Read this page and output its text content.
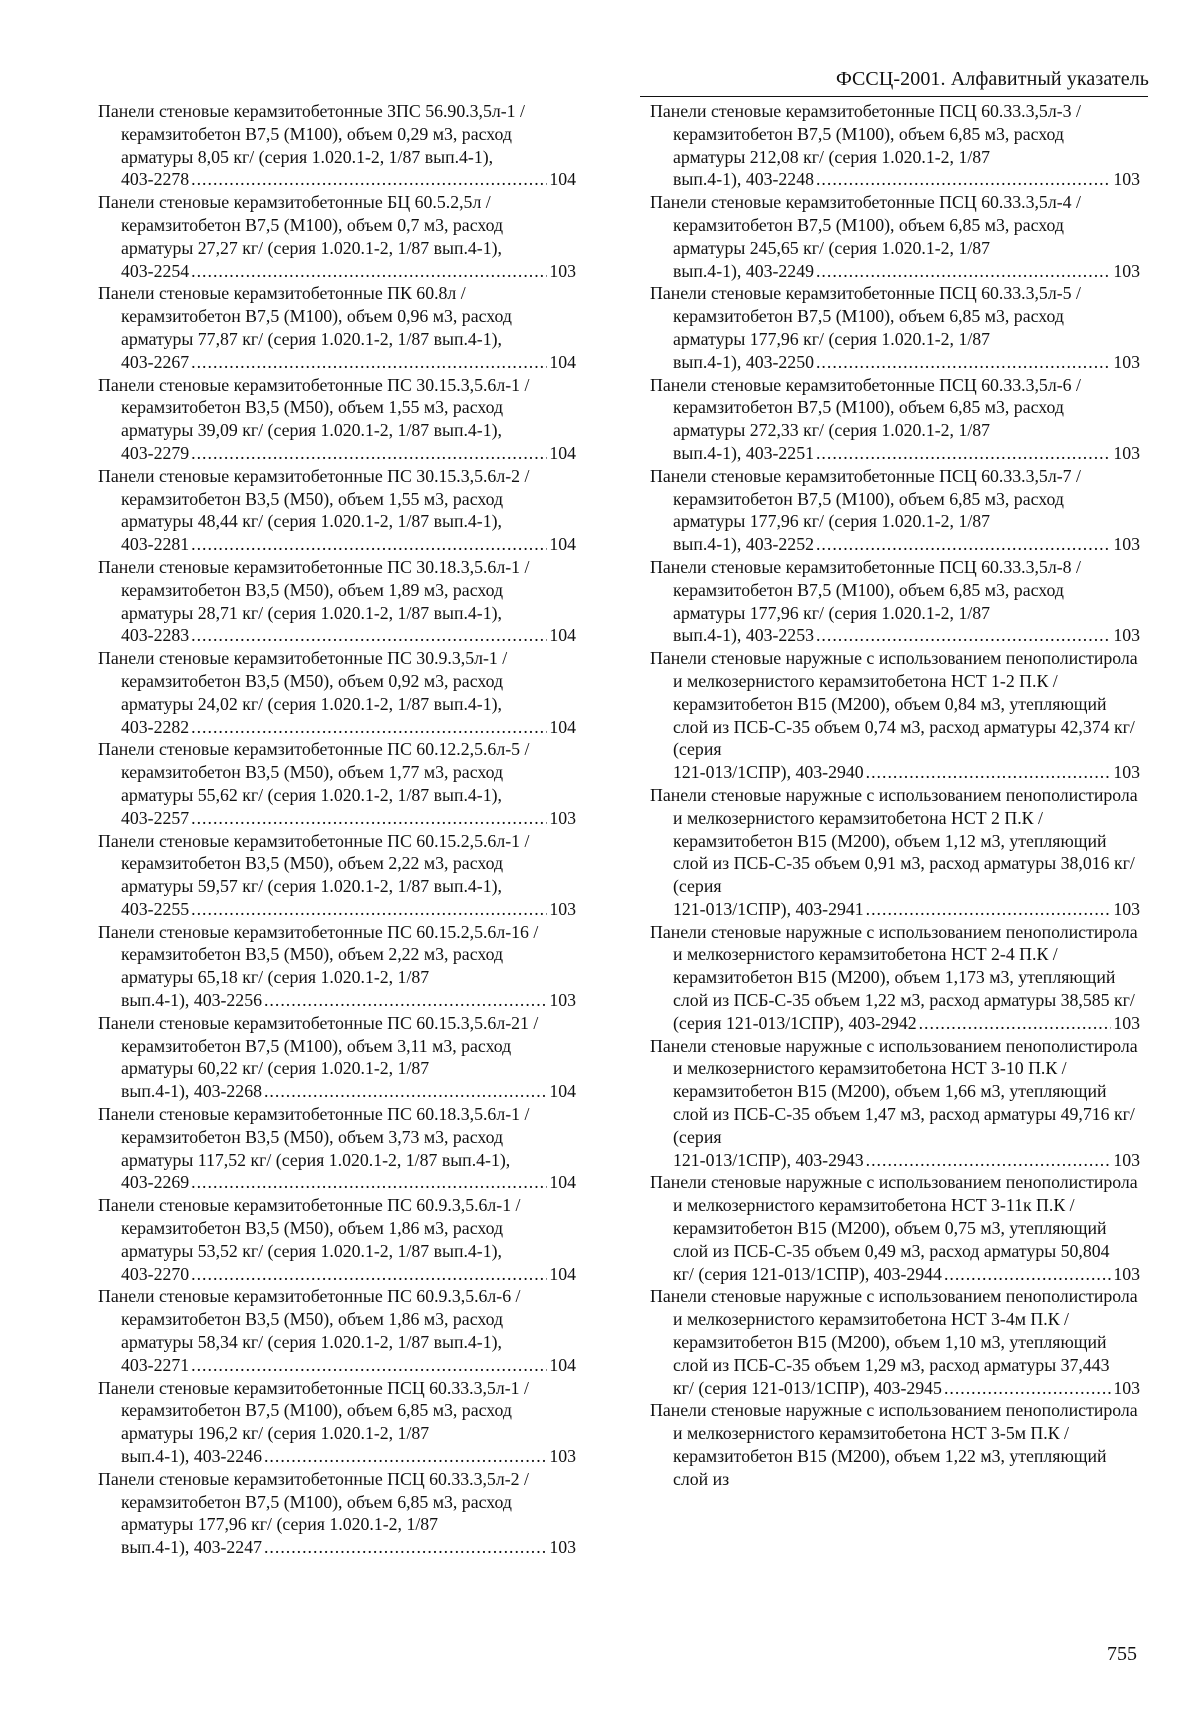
ФССЦ-2001. Алфавитный указатель

Панели стеновые керамзитобетонные ЗПС 56.90.3,5л-1 /керамзитобетон В7,5 (М100), объем 0,29 м3, расход арматуры 8,05 кг/ (серия 1.020.1-2, 1/87 вып.4-1),
403-2278 .....	104

Панели стеновые керамзитобетонные БЦ 60.5.2,5л /керамзитобетон В7,5 (М100), объем 0,7 м3, расход арматуры 27,27 кг/ (серия 1.020.1-2, 1/87 вып.4-1),
403-2254 .....	103

Панели стеновые керамзитобетонные ПК 60.8л /керамзитобетон В7,5 (М100), объем 0,96 м3, расход арматуры 77,87 кг/ (серия 1.020.1-2, 1/87 вып.4-1),
403-2267 .....	104

Панели стеновые керамзитобетонные ПС 30.15.3,5.6л-1 /керамзитобетон В3,5 (М50), объем 1,55 м3, расход арматуры 39,09 кг/ (серия 1.020.1-2, 1/87 вып.4-1),
403-2279 .....	104

Панели стеновые керамзитобетонные ПС 30.15.3,5.6л-2 /керамзитобетон В3,5 (М50), объем 1,55 м3, расход арматуры 48,44 кг/ (серия 1.020.1-2, 1/87 вып.4-1),
403-2281 .....	104

Панели стеновые керамзитобетонные ПС 30.18.3,5.6л-1 /керамзитобетон В3,5 (М50), объем 1,89 м3, расход арматуры 28,71 кг/ (серия 1.020.1-2, 1/87 вып.4-1),
403-2283 .....	104

Панели стеновые керамзитобетонные ПС 30.9.3,5л-1 /керамзитобетон В3,5 (М50), объем 0,92 м3, расход арматуры 24,02 кг/ (серия 1.020.1-2, 1/87 вып.4-1),
403-2282 .....	104

Панели стеновые керамзитобетонные ПС 60.12.2,5.6л-5 /керамзитобетон В3,5 (М50), объем 1,77 м3, расход арматуры 55,62 кг/ (серия 1.020.1-2, 1/87 вып.4-1),
403-2257 .....	103

Панели стеновые керамзитобетонные ПС 60.15.2,5.6л-1 /керамзитобетон В3,5 (М50), объем 2,22 м3, расход арматуры 59,57 кг/ (серия 1.020.1-2, 1/87 вып.4-1),
403-2255 .....	103

Панели стеновые керамзитобетонные ПС 60.15.2,5.6л-16 /керамзитобетон В3,5 (М50), объем 2,22 м3, расход арматуры 65,18 кг/ (серия 1.020.1-2, 1/87
вып.4-1), 403-2256 .....	103

Панели стеновые керамзитобетонные ПС 60.15.3,5.6л-21 /керамзитобетон В7,5 (М100), объем 3,11 м3, расход арматуры 60,22 кг/ (серия 1.020.1-2, 1/87
вып.4-1), 403-2268 .....	104

Панели стеновые керамзитобетонные ПС 60.18.3,5.6л-1 /керамзитобетон В3,5 (М50), объем 3,73 м3, расход арматуры 117,52 кг/ (серия 1.020.1-2, 1/87 вып.4-1),
403-2269 .....	104

Панели стеновые керамзитобетонные ПС 60.9.3,5.6л-1 /керамзитобетон В3,5 (М50), объем 1,86 м3, расход арматуры 53,52 кг/ (серия 1.020.1-2, 1/87 вып.4-1),
403-2270 .....	104

Панели стеновые керамзитобетонные ПС 60.9.3,5.6л-6 /керамзитобетон В3,5 (М50), объем 1,86 м3, расход арматуры 58,34 кг/ (серия 1.020.1-2, 1/87 вып.4-1),
403-2271 .....	104

Панели стеновые керамзитобетонные ПСЦ 60.33.3,5л-1 /керамзитобетон В7,5 (М100), объем 6,85 м3, расход арматуры 196,2 кг/ (серия 1.020.1-2, 1/87
вып.4-1), 403-2246 .....	103

Панели стеновые керамзитобетонные ПСЦ 60.33.3,5л-2 /керамзитобетон В7,5 (М100), объем 6,85 м3, расход арматуры 177,96 кг/ (серия 1.020.1-2, 1/87
вып.4-1), 403-2247 .....	103

Панели стеновые керамзитобетонные ПСЦ 60.33.3,5л-3 /керамзитобетон В7,5 (М100), объем 6,85 м3, расход арматуры 212,08 кг/ (серия 1.020.1-2, 1/87
вып.4-1), 403-2248 .....	103

Панели стеновые керамзитобетонные ПСЦ 60.33.3,5л-4 /керамзитобетон В7,5 (М100), объем 6,85 м3, расход арматуры 245,65 кг/ (серия 1.020.1-2, 1/87
вып.4-1), 403-2249 .....	103

Панели стеновые керамзитобетонные ПСЦ 60.33.3,5л-5 /керамзитобетон В7,5 (М100), объем 6,85 м3, расход арматуры 177,96 кг/ (серия 1.020.1-2, 1/87
вып.4-1), 403-2250 .....	103

Панели стеновые керамзитобетонные ПСЦ 60.33.3,5л-6 /керамзитобетон В7,5 (М100), объем 6,85 м3, расход арматуры 272,33 кг/ (серия 1.020.1-2, 1/87
вып.4-1), 403-2251 .....	103

Панели стеновые керамзитобетонные ПСЦ 60.33.3,5л-7 /керамзитобетон В7,5 (М100), объем 6,85 м3, расход арматуры 177,96 кг/ (серия 1.020.1-2, 1/87
вып.4-1), 403-2252 .....	103

Панели стеновые керамзитобетонные ПСЦ 60.33.3,5л-8 /керамзитобетон В7,5 (М100), объем 6,85 м3, расход арматуры 177,96 кг/ (серия 1.020.1-2, 1/87
вып.4-1), 403-2253 .....	103

Панели стеновые наружные с использованием пенополистирола и мелкозернистого керамзитобетона НСТ 1-2 П.К /керамзитобетон В15 (М200), объем 0,84 м3, утепляющий слой из ПСБ-С-35 объем 0,74 м3, расход арматуры 42,374 кг/ (серия
121-013/1СПР), 403-2940 .....	103

Панели стеновые наружные с использованием пенополистирола и мелкозернистого керамзитобетона НСТ 2 П.К /керамзитобетон В15 (М200), объем 1,12 м3, утепляющий слой из ПСБ-С-35 объем 0,91 м3, расход арматуры 38,016 кг/ (серия
121-013/1СПР), 403-2941 .....	103

Панели стеновые наружные с использованием пенополистирола и мелкозернистого керамзитобетона НСТ 2-4 П.К /керамзитобетон В15 (М200), объем 1,173 м3, утепляющий слой из ПСБ-С-35 объем 1,22 м3, расход арматуры 38,585 кг/
(серия 121-013/1СПР), 403-2942 .....	103

Панели стеновые наружные с использованием пенополистирола и мелкозернистого керамзитобетона НСТ 3-10 П.К /керамзитобетон В15 (М200), объем 1,66 м3, утепляющий слой из ПСБ-С-35 объем 1,47 м3, расход арматуры 49,716 кг/ (серия
121-013/1СПР), 403-2943 .....	103

Панели стеновые наружные с использованием пенополистирола и мелкозернистого керамзитобетона НСТ 3-11к П.К /керамзитобетон В15 (М200), объем 0,75 м3, утепляющий слой из ПСБ-С-35 объем 0,49 м3, расход арматуры 50,804
кг/ (серия 121-013/1СПР), 403-2944 .....	103

Панели стеновые наружные с использованием пенополистирола и мелкозернистого керамзитобетона НСТ 3-4м П.К /керамзитобетон В15 (М200), объем 1,10 м3, утепляющий слой из ПСБ-С-35 объем 1,29 м3, расход арматуры 37,443
кг/ (серия 121-013/1СПР), 403-2945 .....	103

Панели стеновые наружные с использованием пенополистирола и мелкозернистого керамзитобетона НСТ 3-5м П.К /керамзитобетон В15 (М200), объем 1,22 м3, утепляющий слой из

755
